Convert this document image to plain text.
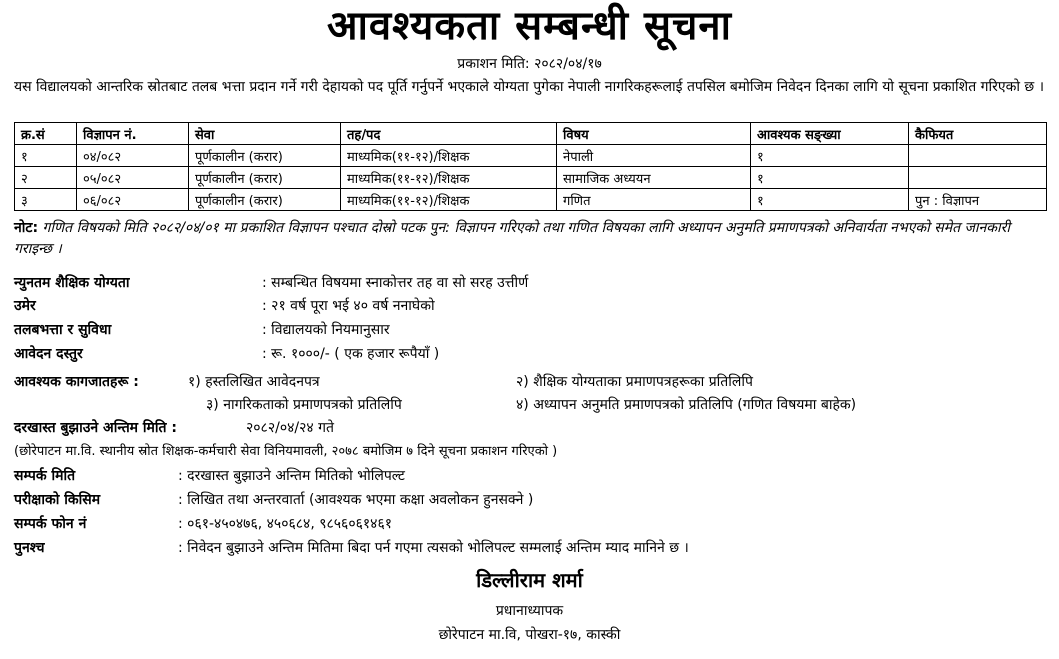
आवश्यकता सम्बन्धी सूचना
प्रकाशन मिति: २०८२/०४/१७
यस विद्यालयको आन्तरिक स्रोतबाट तलब भत्ता प्रदान गर्ने गरी देहायको पद पूर्ति गर्नुपर्ने भएकाले योग्यता पुगेका नेपाली नागरिकहरूलाई तपसिल बमोजिम निवेदन दिनका लागि यो सूचना प्रकाशित गरिएको छ ।
क्र.सं	विज्ञापन नं.	सेवा	तह/पद	विषय	आवश्यक सङ्ख्या	कैफियत
१	०४/०८२	पूर्णकालीन (करार)	माध्यमिक(११-१२)/शिक्षक	नेपाली	१	
२	०५/०८२	पूर्णकालीन (करार)	माध्यमिक(११-१२)/शिक्षक	सामाजिक अध्ययन	१	
३	०६/०८२	पूर्णकालीन (करार)	माध्यमिक(११-१२)/शिक्षक	गणित	१	पुन : विज्ञापन
नोट: गणित विषयको मिति २०८२/०४/०१ मा प्रकाशित विज्ञापन पश्चात दोस्रो पटक पुन: विज्ञापन गरिएको तथा गणित विषयका लागि अध्यापन अनुमति प्रमाणपत्रको अनिवार्यता नभएको समेत जानकारी गराइन्छ ।
न्युनतम शैक्षिक योग्यता	: सम्बन्धित विषयमा स्नाकोत्तर तह वा सो सरह उत्तीर्ण
उमेर	: २१ वर्ष पूरा भई ४० वर्ष ननाघेको
तलबभत्ता र सुविधा	: विद्यालयको नियमानुसार
आवेदन दस्तुर	: रू. १०००/- ( एक हजार रूपैयाँ )
आवश्यक कागजातहरू :	१) हस्तलिखित आवेदनपत्र	२) शैक्षिक योग्यताका प्रमाणपत्रहरूका प्रतिलिपि
३) नागरिकताको प्रमाणपत्रको प्रतिलिपि	४) अध्यापन अनुमति प्रमाणपत्रको प्रतिलिपि (गणित विषयमा बाहेक)
दरखास्त बुझाउने अन्तिम मिति :	२०८२/०४/२४ गते
(छोरेपाटन मा.वि. स्थानीय स्रोत शिक्षक-कर्मचारी सेवा विनियमावली, २०७८ बमोजिम ७ दिने सूचना प्रकाशन गरिएको )
सम्पर्क मिति	: दरखास्त बुझाउने अन्तिम मितिको भोलिपल्ट
परीक्षाको किसिम	: लिखित तथा अन्तरवार्ता (आवश्यक भएमा कक्षा अवलोकन हुनसक्ने )
सम्पर्क फोन नं	: ०६१-४५०४७६, ४५०६८४, ९८५६०६१४६१
पुनश्च	: निवेदन बुझाउने अन्तिम मितिमा बिदा पर्न गएमा त्यसको भोलिपल्ट सम्मलाई अन्तिम म्याद मानिने छ ।
डिल्लीराम शर्मा
प्रधानाध्यापक
छोरेपाटन मा.वि, पोखरा-१७, कास्की
